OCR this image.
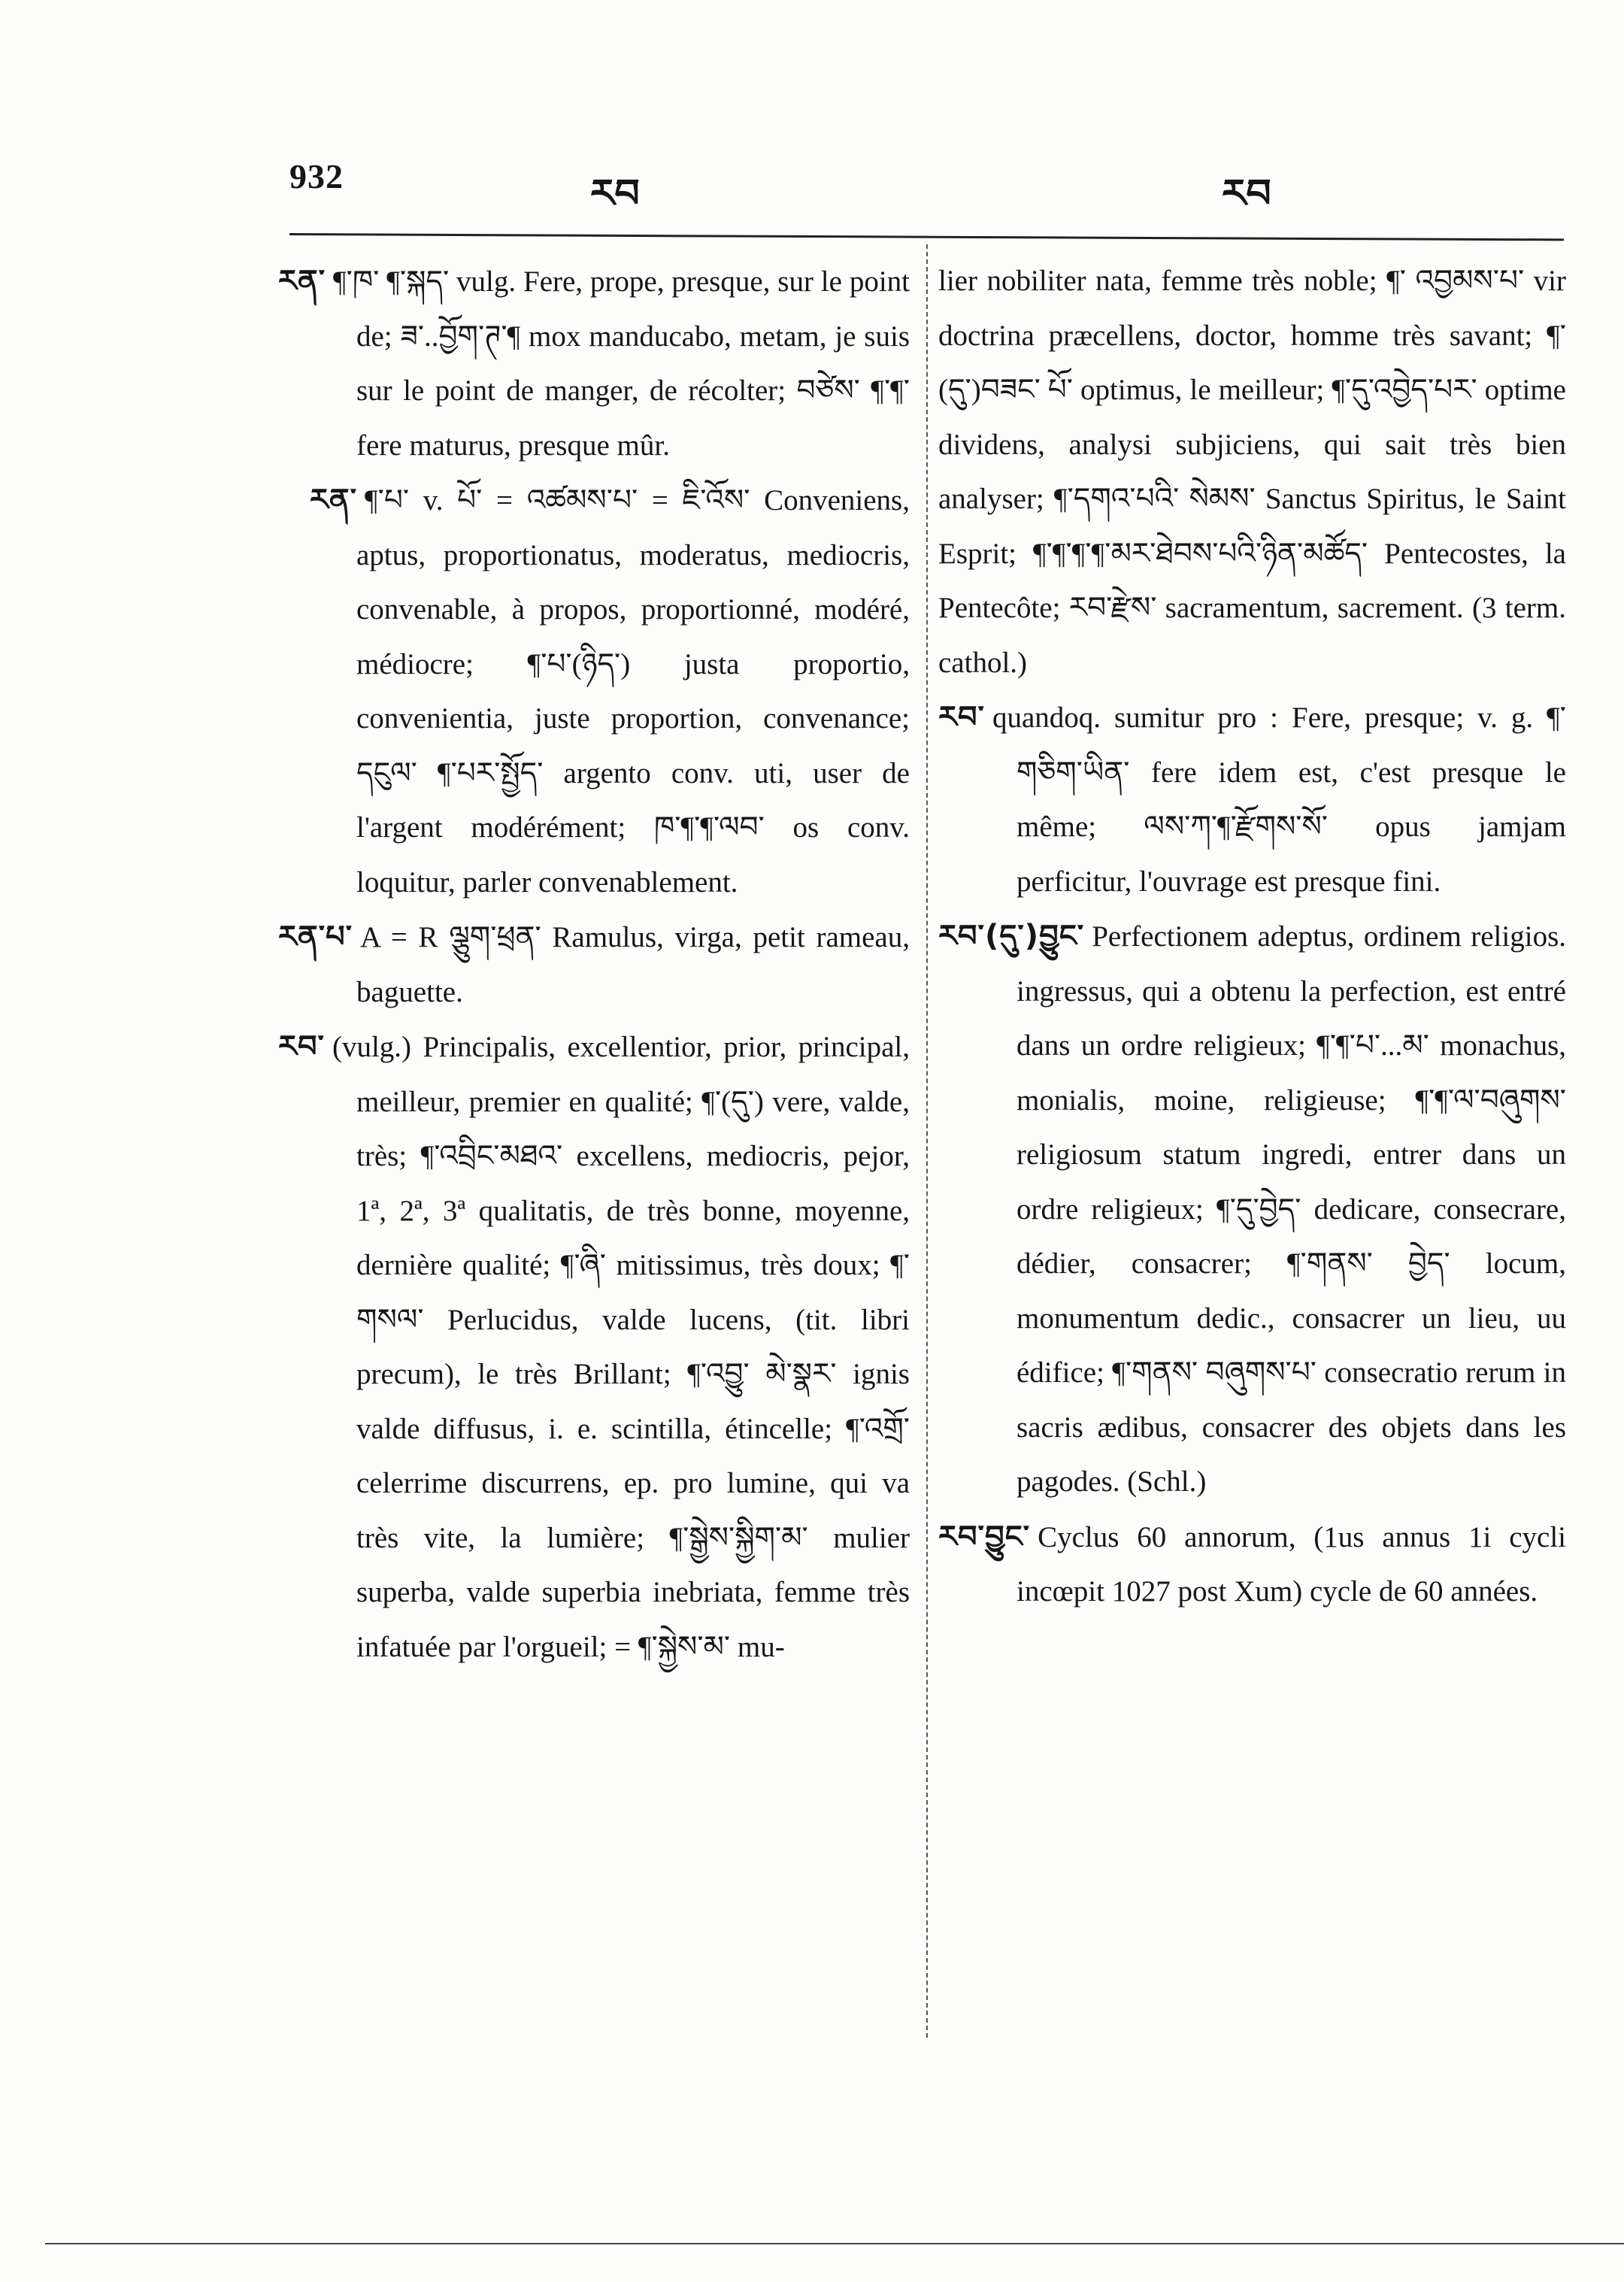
932	རབ	རབ

རན་ ¶་ཁ་ ¶་སྐད་ vulg. Fere, prope, presque, sur le point de; ཟ་..བྱོག་ཊ་¶ mox manducabo, metam, je suis sur le point de manger, de récolter; བཙེས་ ¶་¶་ fere maturus, presque mûr.

རན་ ¶་པ་ v. པོ་ = འཚམས་པ་ = ཇི་འོས་ Conveniens, aptus, proportionatus, moderatus, mediocris, convenable, à propos, proportionné, modéré, médiocre; ¶་པ་(ཉིད་) justa proportio, convenientia, juste proportion, convenance; དངུལ་ ¶་པར་སྤྱོད་ argento conv. uti, user de l'argent modérément; ཁ་¶་¶་ལབ་ os conv. loquitur, parler convenablement.

རན་པ་ A = R ལྕུག་ཕྲན་ Ramulus, virga, petit rameau, baguette.

རབ་ (vulg.) Principalis, excellentior, prior, principal, meilleur, premier en qualité; ¶་(དུ་) vere, valde, très; ¶་འབྲིང་མཐའ་ excellens, mediocris, pejor, 1ª, 2ª, 3ª qualitatis, de très bonne, moyenne, dernière qualité; ¶་ཞི་ mitissimus, très doux; ¶་གསལ་ Perlucidus, valde lucens, (tit. libri precum), le très Brillant; ¶་འབྱུ་ མེ་སྣར་ ignis valde diffusus, i. e. scintilla, étincelle; ¶་འགྲོ་ celerrime discurrens, ep. pro lumine, qui va très vite, la lumière; ¶་སྒྱེས་སྐྱིག་མ་ mulier superba, valde superbia inebriata, femme très infatuée par l'orgueil; = ¶་སྐྱེས་མ་ mu-

lier nobiliter nata, femme très noble; ¶་ འབྱམས་པ་ vir doctrina præcellens, doctor, homme très savant; ¶་(དུ་)བཟང་ པོ་ optimus, le meilleur; ¶་དུ་འབྱེད་པར་ optime dividens, analysi subjiciens, qui sait très bien analyser; ¶་དགའ་པའི་ སེམས་ Sanctus Spiritus, le Saint Esprit; ¶་¶་¶་¶་མར་ཐེབས་པའི་ཉིན་མཚོད་ Pentecostes, la Pentecôte; རབ་རྫེས་ sacramentum, sacrement. (3 term. cathol.)

རབ་ quandoq. sumitur pro : Fere, presque; v. g. ¶་གཅིག་ཡིན་ fere idem est, c'est presque le même; ལས་ཀ་¶་རྫོགས་སོ་ opus jamjam perficitur, l'ouvrage est presque fini.

རབ་(དུ་)བྱུང་ Perfectionem adeptus, ordinem religios. ingressus, qui a obtenu la perfection, est entré dans un ordre religieux; ¶་¶་པ་...མ་ monachus, monialis, moine, religieuse; ¶་¶་ལ་བཞུགས་ religiosum statum ingredi, entrer dans un ordre religieux; ¶་དུ་བྱེད་ dedicare, consecrare, dédier, consacrer; ¶་གནས་ བྱེད་ locum, monumentum dedic., consacrer un lieu, uu édifice; ¶་གནས་ བཞུགས་པ་ consecratio rerum in sacris ædibus, consacrer des objets dans les pagodes. (Schl.)

རབ་བྱུང་ Cyclus 60 annorum, (1us annus 1i cycli incœpit 1027 post Xum) cycle de 60 années.
